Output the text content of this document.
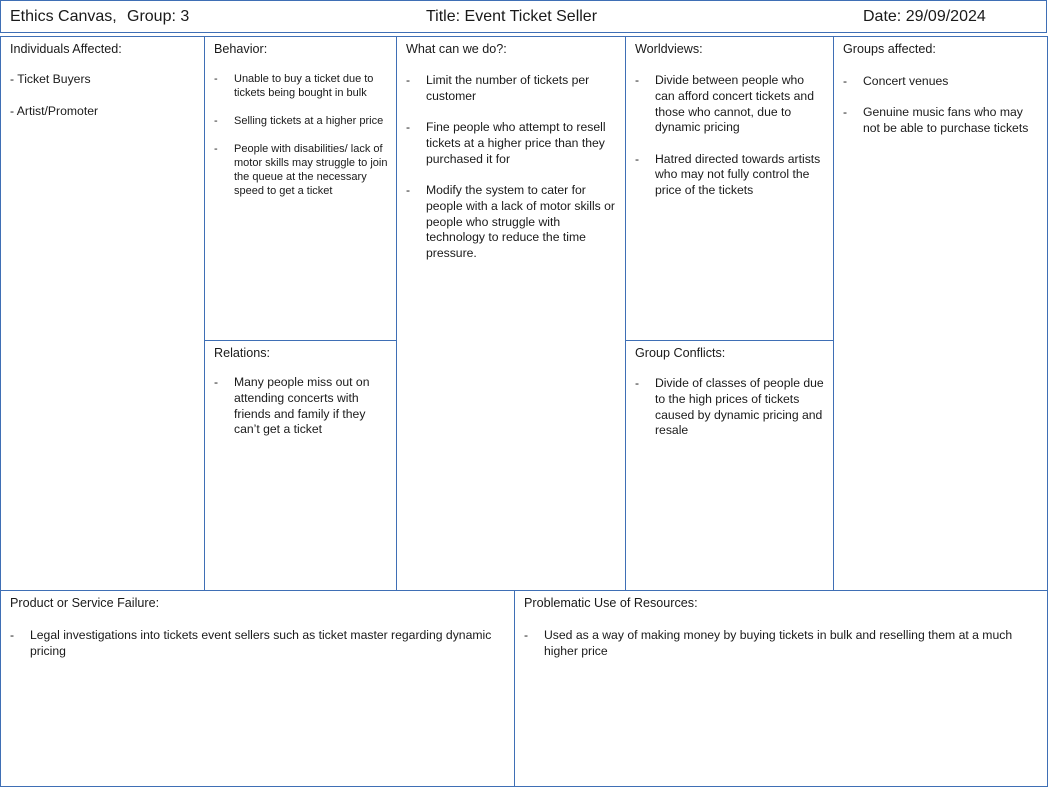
Ethics Canvas, Group: 3	Title: Event Ticket Seller	Date: 29/09/2024
Individuals Affected:
- Ticket Buyers
- Artist/Promoter
Behavior:
- Unable to buy a ticket due to tickets being bought in bulk
- Selling tickets at a higher price
- People with disabilities/ lack of motor skills may struggle to join the queue at the necessary speed to get a ticket
Relations:
- Many people miss out on attending concerts with friends and family if they can’t get a ticket
What can we do?:
- Limit the number of tickets per customer
- Fine people who attempt to resell tickets at a higher price than they purchased it for
- Modify the system to cater for people with a lack of motor skills or people who struggle with technology to reduce the time pressure.
Worldviews:
- Divide between people who can afford concert tickets and those who cannot, due to dynamic pricing
- Hatred directed towards artists who may not fully control the price of the tickets
Group Conflicts:
- Divide of classes of people due to the high prices of tickets caused by dynamic pricing and resale
Groups affected:
- Concert venues
- Genuine music fans who may not be able to purchase tickets
Product or Service Failure:
- Legal investigations into tickets event sellers such as ticket master regarding dynamic pricing
Problematic Use of Resources:
- Used as a way of making money by buying tickets in bulk and reselling them at a much higher price
